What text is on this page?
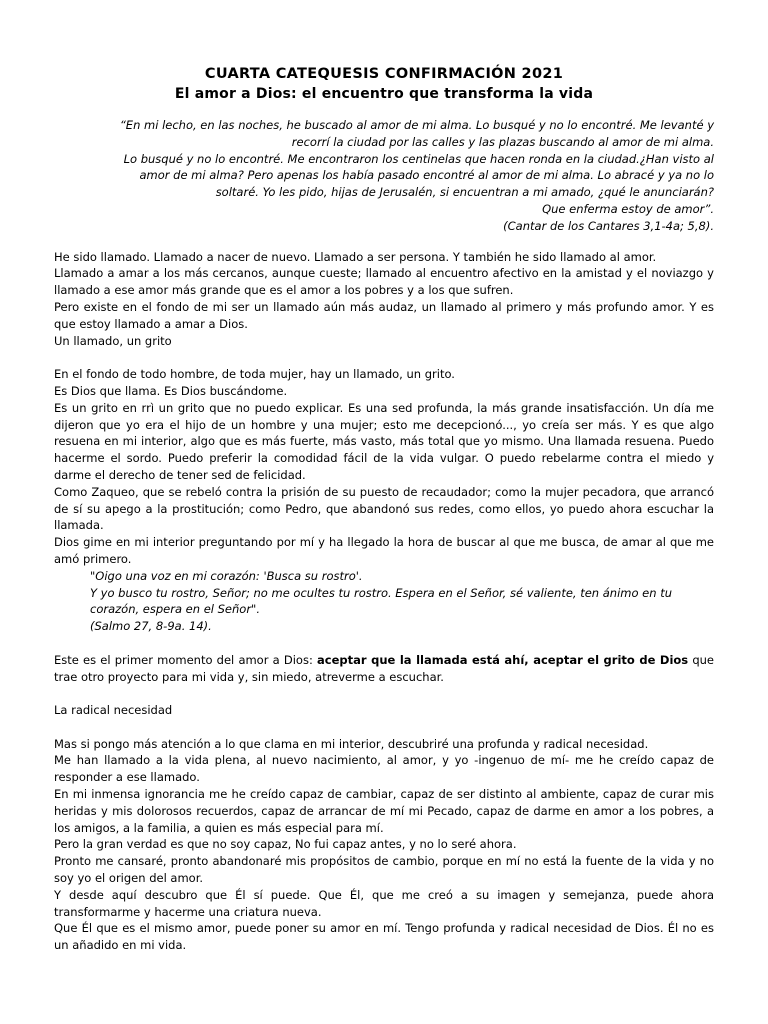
CUARTA CATEQUESIS CONFIRMACIÓN 2021
El amor a Dios: el encuentro que transforma la vida
“En mi lecho, en las noches, he buscado al amor de mi alma. Lo busqué y no lo encontré. Me levanté y
recorrí la ciudad por las calles y las plazas buscando al amor de mi alma.
Lo busqué y no lo encontré. Me encontraron los centinelas que hacen ronda en la ciudad.¿Han visto al
amor de mi alma? Pero apenas los había pasado encontré al amor de mi alma. Lo abracé y ya no lo
soltaré. Yo les pido, hijas de Jerusalén, si encuentran a mi amado, ¿qué le anunciarán?
Que enferma estoy de amor”.
(Cantar de los Cantares 3,1-4a; 5,8).

He sido llamado. Llamado a nacer de nuevo. Llamado a ser persona. Y también he sido llamado al amor.

Llamado a amar a los más cercanos, aunque cueste; llamado al encuentro afectivo en la amistad y el noviazgo y llamado a ese amor más grande que es el amor a los pobres y a los que sufren.

Pero existe en el fondo de mi ser un llamado aún más audaz, un llamado al primero y más profundo amor. Y es que estoy llamado a amar a Dios.

Un llamado, un grito

En el fondo de todo hombre, de toda mujer, hay un llamado, un grito.

Es Dios que llama. Es Dios buscándome.

Es un grito en rrì un grito que no puedo explicar. Es una sed profunda, la más grande insatisfacción. Un día me dijeron que yo era el hijo de un hombre y una mujer; esto me decepcionó..., yo creía ser más. Y es que algo resuena en mi interior, algo que es más fuerte, más vasto, más total que yo mismo. Una llamada resuena. Puedo hacerme el sordo. Puedo preferir la comodidad fácil de la vida vulgar. O puedo rebelarme contra el miedo y darme el derecho de tener sed de felicidad.

Como Zaqueo, que se rebeló contra la prisión de su puesto de recaudador; como la mujer pecadora, que arrancó de sí su apego a la prostitución; como Pedro, que abandonó sus redes, como ellos, yo puedo ahora escuchar la llamada.

Dios gime en mi interior preguntando por mí y ha llegado la hora de buscar al que me busca, de amar al que me amó primero.

"Oigo una voz en mi corazón: 'Busca su rostro'.
Y yo busco tu rostro, Señor; no me ocultes tu rostro. Espera en el Señor, sé valiente, ten ánimo en tu corazón, espera en el Señor".
(Salmo 27, 8-9a. 14).

Este es el primer momento del amor a Dios: aceptar que la llamada está ahí, aceptar el grito de Dios que trae otro proyecto para mi vida y, sin miedo, atreverme a escuchar.

La radical necesidad

Mas si pongo más atención a lo que clama en mi interior, descubriré una profunda y radical necesidad.

Me han llamado a la vida plena, al nuevo nacimiento, al amor, y yo -ingenuo de mí- me he creído capaz de responder a ese llamado.

En mi inmensa ignorancia me he creído capaz de cambiar, capaz de ser distinto al ambiente, capaz de curar mis heridas y mis dolorosos recuerdos, capaz de arrancar de mí mi Pecado, capaz de darme en amor a los pobres, a los amigos, a la familia, a quien es más especial para mí.

Pero la gran verdad es que no soy capaz, No fui capaz antes, y no lo seré ahora.

Pronto me cansaré, pronto abandonaré mis propósitos de cambio, porque en mí no está la fuente de la vida y no soy yo el origen del amor.

Y desde aquí descubro que Él sí puede. Que Él, que me creó a su imagen y semejanza, puede ahora transformarme y hacerme una criatura nueva.

Que Él que es el mismo amor, puede poner su amor en mí. Tengo profunda y radical necesidad de Dios. Él no es un añadido en mi vida.
